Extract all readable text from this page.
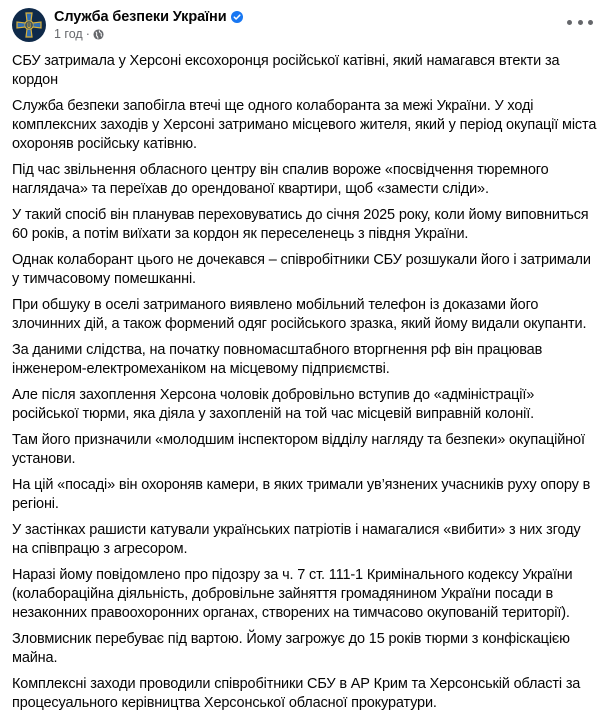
Служба безпеки України
1 год ·

СБУ затримала у Херсоні ексохоронця російської катівні, який намагався втекти за кордон

Служба безпеки запобігла втечі ще одного колаборанта за межі України. У ході комплексних заходів у Херсоні затримано місцевого жителя, який у період окупації міста охороняв російську катівню.

Під час звільнення обласного центру він спалив вороже «посвідчення тюремного наглядача» та переїхав до орендованої квартири, щоб «замести сліди».

У такий спосіб він планував переховуватись до січня 2025 року, коли йому виповниться 60 років, а потім виїхати за кордон як переселенець з півдня України.

Однак колаборант цього не дочекався – співробітники СБУ розшукали його і затримали у тимчасовому помешканні.

При обшуку в оселі затриманого виявлено мобільний телефон із доказами його злочинних дій, а також формений одяг російського зразка, який йому видали окупанти.

За даними слідства, на початку повномасштабного вторгнення рф він працював інженером-електромеханіком на місцевому підприємстві.

Але після захоплення Херсона чоловік добровільно вступив до «адміністрації» російської тюрми, яка діяла у захопленій на той час місцевій виправній колонії.

Там його призначили «молодшим інспектором відділу нагляду та безпеки» окупаційної установи.

На цій «посаді» він охороняв камери, в яких тримали ув’язнених учасників руху опору в регіоні.

У застінках рашисти катували українських патріотів і намагалися «вибити» з них згоду на співпрацю з агресором.

Наразі йому повідомлено про підозру за ч. 7 ст. 111-1 Кримінального кодексу України (колабораційна діяльність, добровільне зайняття громадянином України посади в незаконних правоохоронних органах, створених на тимчасово окупованій території).

Зловмисник перебуває під вартою. Йому загрожує до 15 років тюрми з конфіскацією майна.

Комплексні заходи проводили співробітники СБУ в АР Крим та Херсонській області за процесуального керівництва Херсонської обласної прокуратури.
